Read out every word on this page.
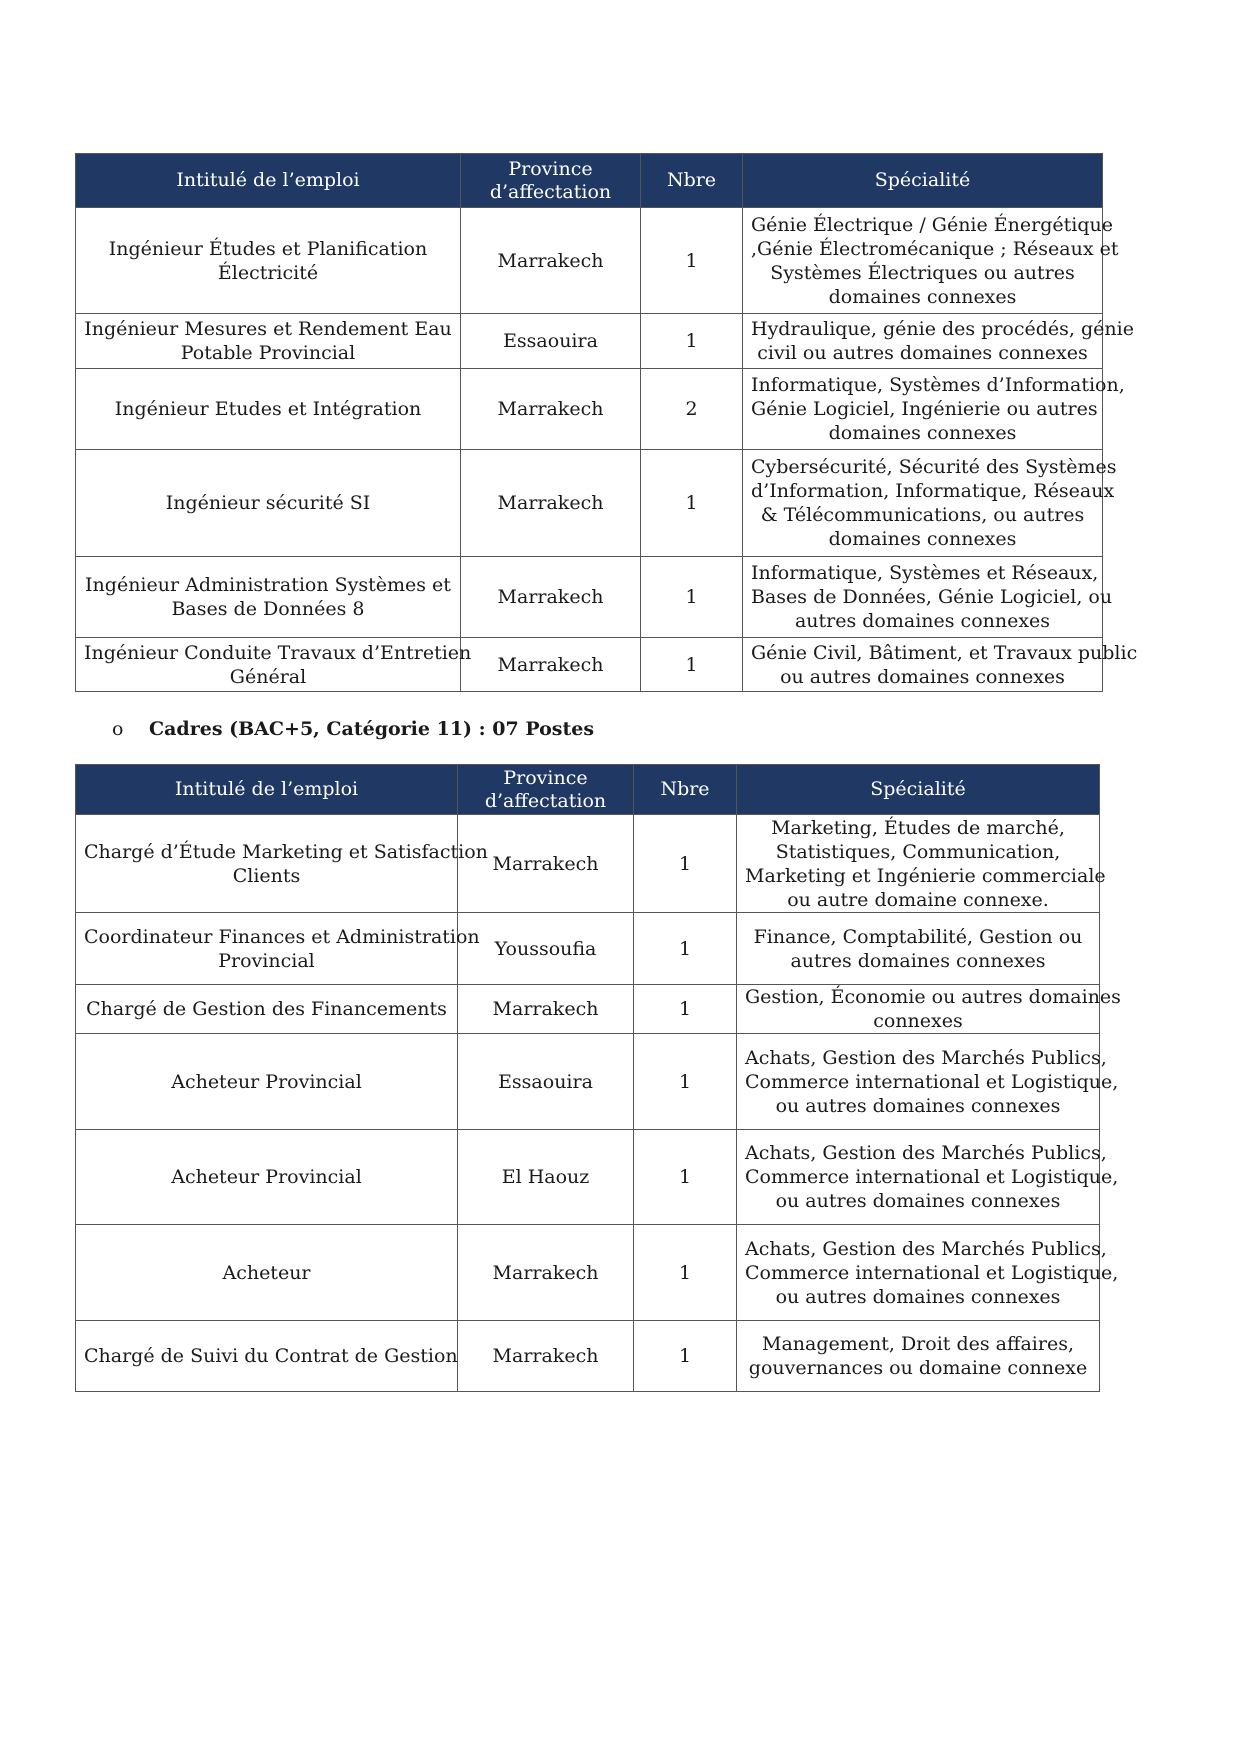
Intitulé de l’emploi	Province
d’affectation	Nbre	Spécialité

Ingénieur Études et Planification
Électricité	Marrakech	1	Génie Électrique / Génie Énergétique
,Génie Électromécanique ; Réseaux et
Systèmes Électriques ou autres
domaines connexes

Ingénieur Mesures et Rendement Eau
Potable Provincial	Essaouira	1	Hydraulique, génie des procédés, génie
civil ou autres domaines connexes

Ingénieur Etudes et Intégration	Marrakech	2	Informatique, Systèmes d’Information,
Génie Logiciel, Ingénierie ou autres
domaines connexes

Ingénieur sécurité SI	Marrakech	1	Cybersécurité, Sécurité des Systèmes
d’Information, Informatique, Réseaux
& Télécommunications, ou autres
domaines connexes

Ingénieur Administration Systèmes et
Bases de Données 8	Marrakech	1	Informatique, Systèmes et Réseaux,
Bases de Données, Génie Logiciel, ou
autres domaines connexes

Ingénieur Conduite Travaux d’Entretien
Général	Marrakech	1	Génie Civil, Bâtiment, et Travaux public
ou autres domaines connexes
o Cadres (BAC+5, Catégorie 11) : 07 Postes
Intitulé de l’emploi	Province
d’affectation	Nbre	Spécialité

Chargé d’Étude Marketing et Satisfaction
Clients	Marrakech	1	Marketing, Études de marché,
Statistiques, Communication,
Marketing et Ingénierie commerciale
ou autre domaine connexe.

Coordinateur Finances et Administration
Provincial	Youssoufia	1	Finance, Comptabilité, Gestion ou
autres domaines connexes

Chargé de Gestion des Financements	Marrakech	1	Gestion, Économie ou autres domaines
connexes

Acheteur Provincial	Essaouira	1	Achats, Gestion des Marchés Publics,
Commerce international et Logistique,
ou autres domaines connexes

Acheteur Provincial	El Haouz	1	Achats, Gestion des Marchés Publics,
Commerce international et Logistique,
ou autres domaines connexes

Acheteur	Marrakech	1	Achats, Gestion des Marchés Publics,
Commerce international et Logistique,
ou autres domaines connexes

Chargé de Suivi du Contrat de Gestion	Marrakech	1	Management, Droit des affaires,
gouvernances ou domaine connexe
